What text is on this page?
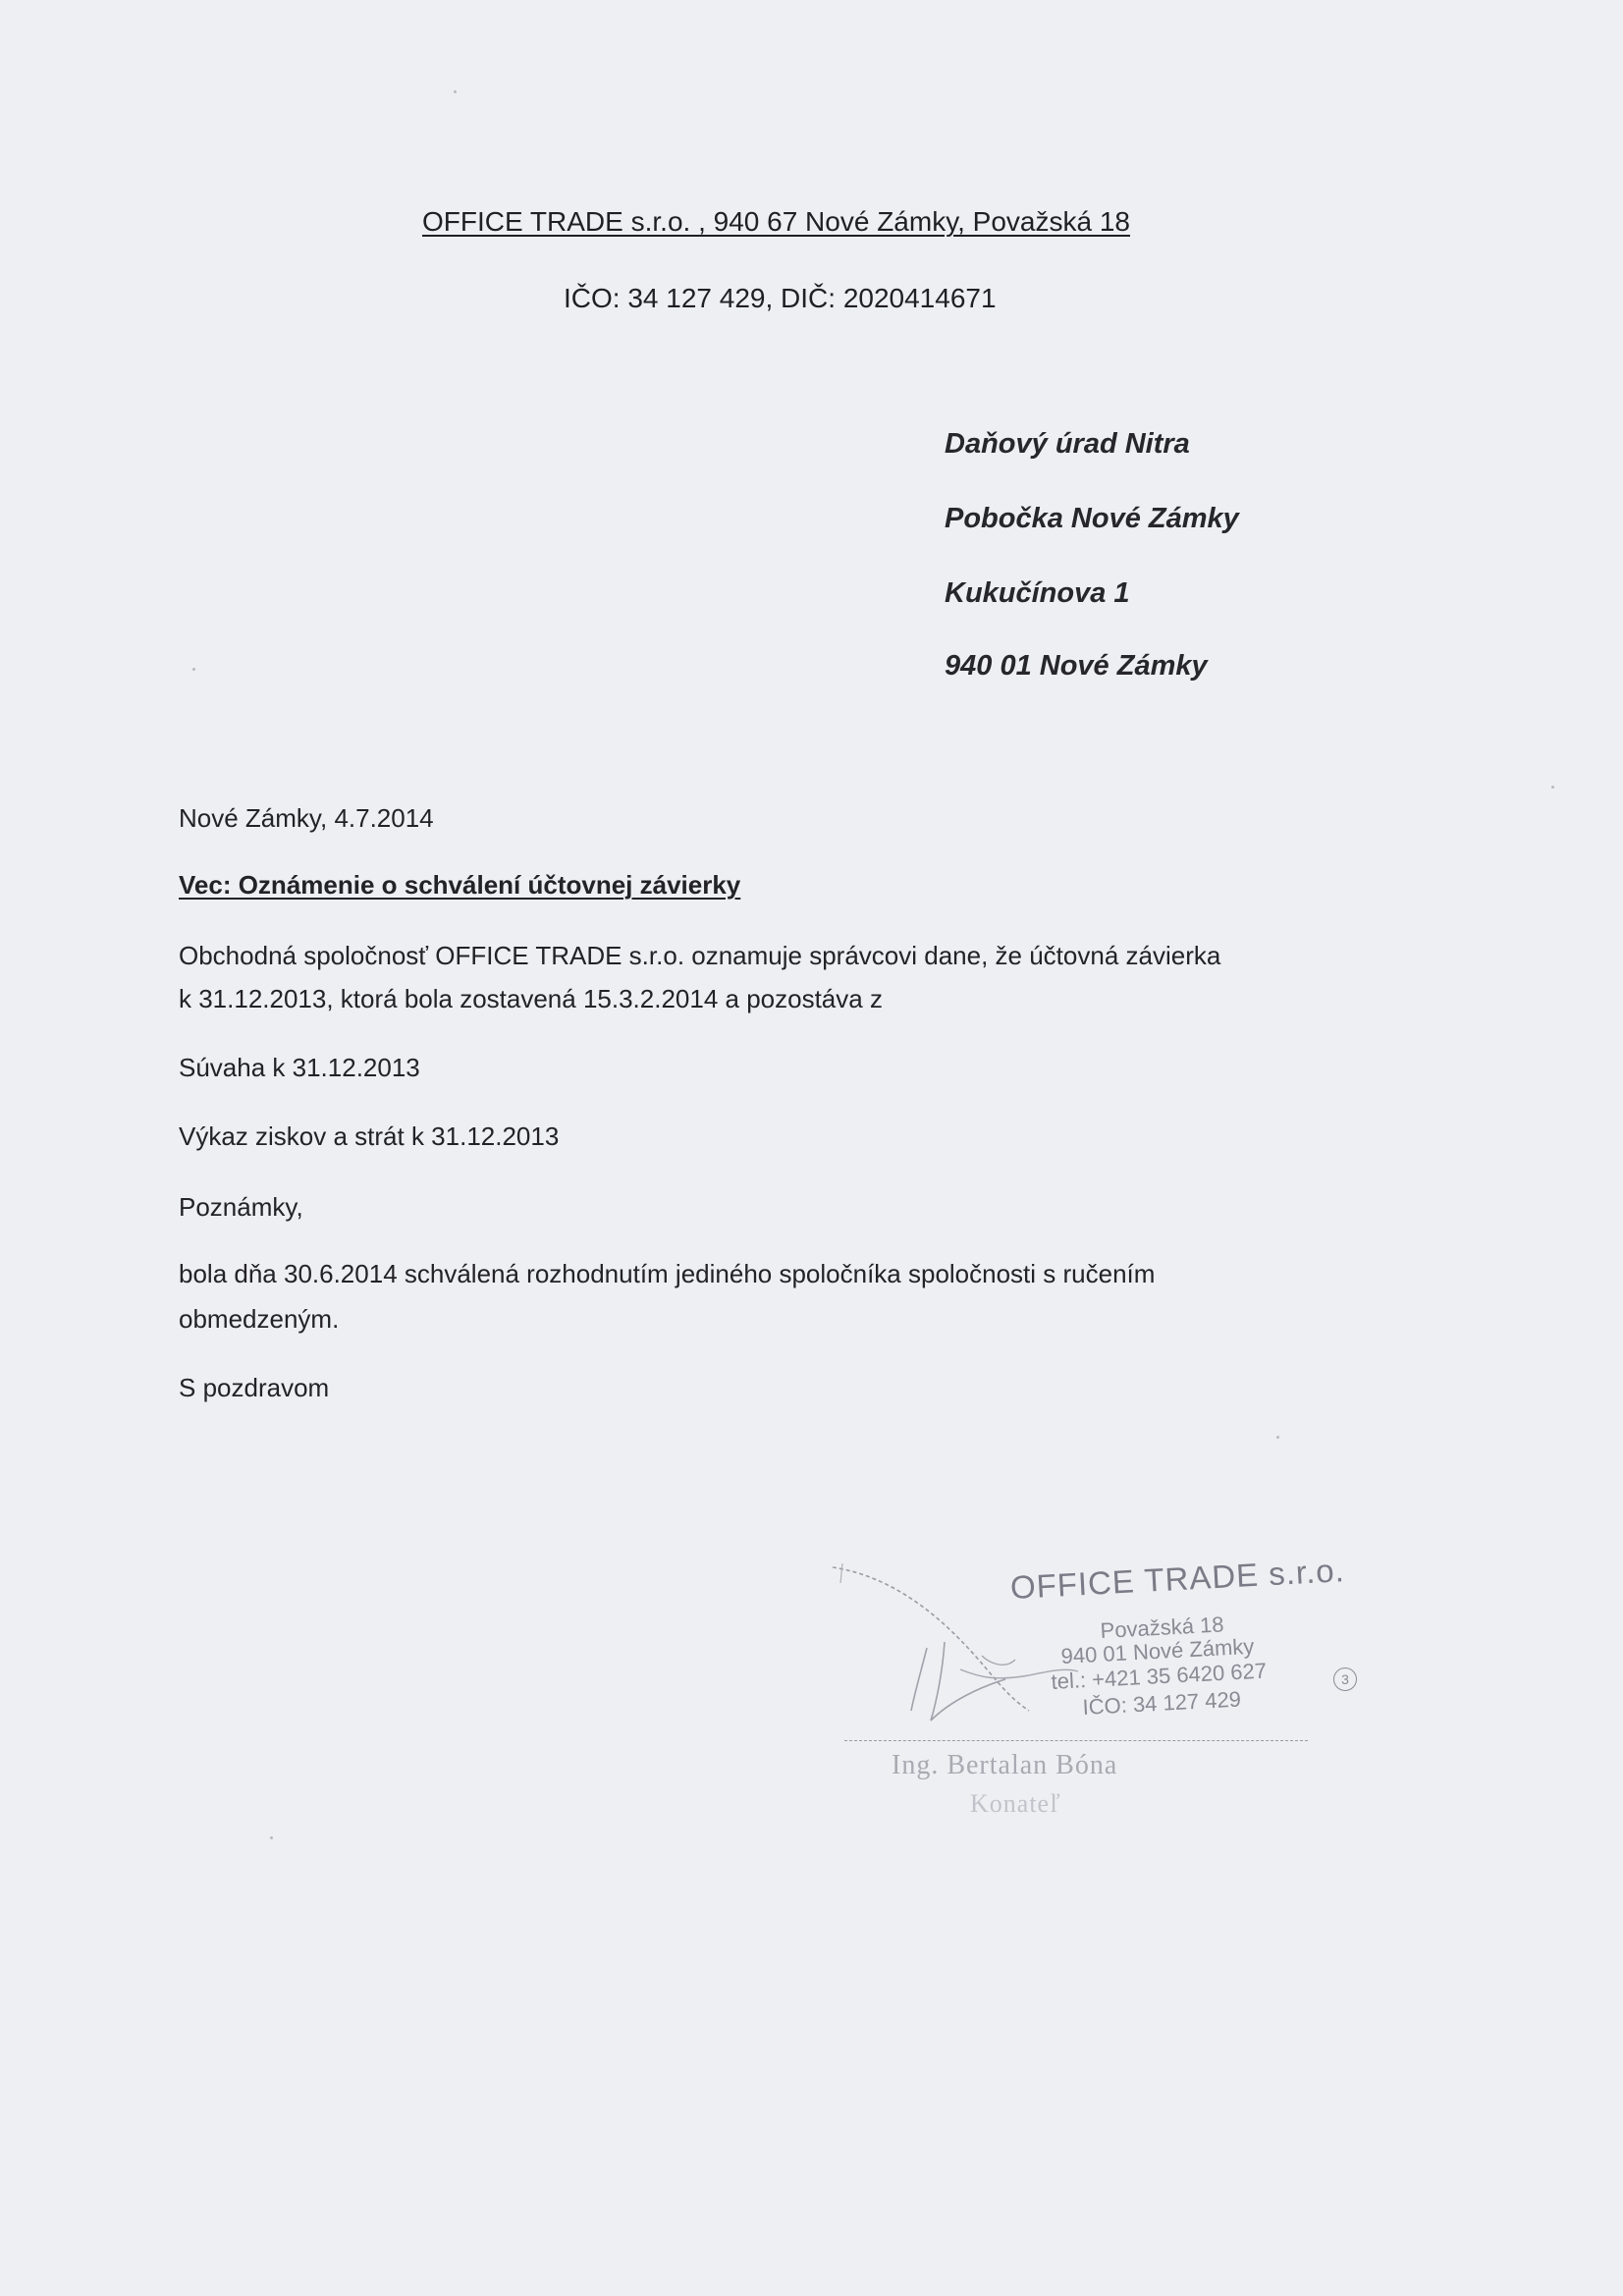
OFFICE TRADE s.r.o. , 940 67 Nové Zámky, Považská 18
IČO: 34 127 429, DIČ: 2020414671
Daňový úrad Nitra
Pobočka Nové Zámky
Kukučínova 1
940 01 Nové Zámky
Nové Zámky, 4.7.2014
Vec: Oznámenie o schválení účtovnej závierky
Obchodná spoločnosť OFFICE TRADE s.r.o. oznamuje správcovi dane, že účtovná závierka
k 31.12.2013, ktorá bola zostavená 15.3.2.2014 a pozostáva z
Súvaha k 31.12.2013
Výkaz ziskov a strát k 31.12.2013
Poznámky,
bola dňa 30.6.2014 schválená rozhodnutím jediného spoločníka spoločnosti s ručením
obmedzeným.
S pozdravom
OFFICE TRADE s.r.o.
Považská 18
940 01 Nové Zámky
tel.: +421 35 6420 627
IČO: 34 127 429
3
Ing. Bertalan Bóna
Konateľ
